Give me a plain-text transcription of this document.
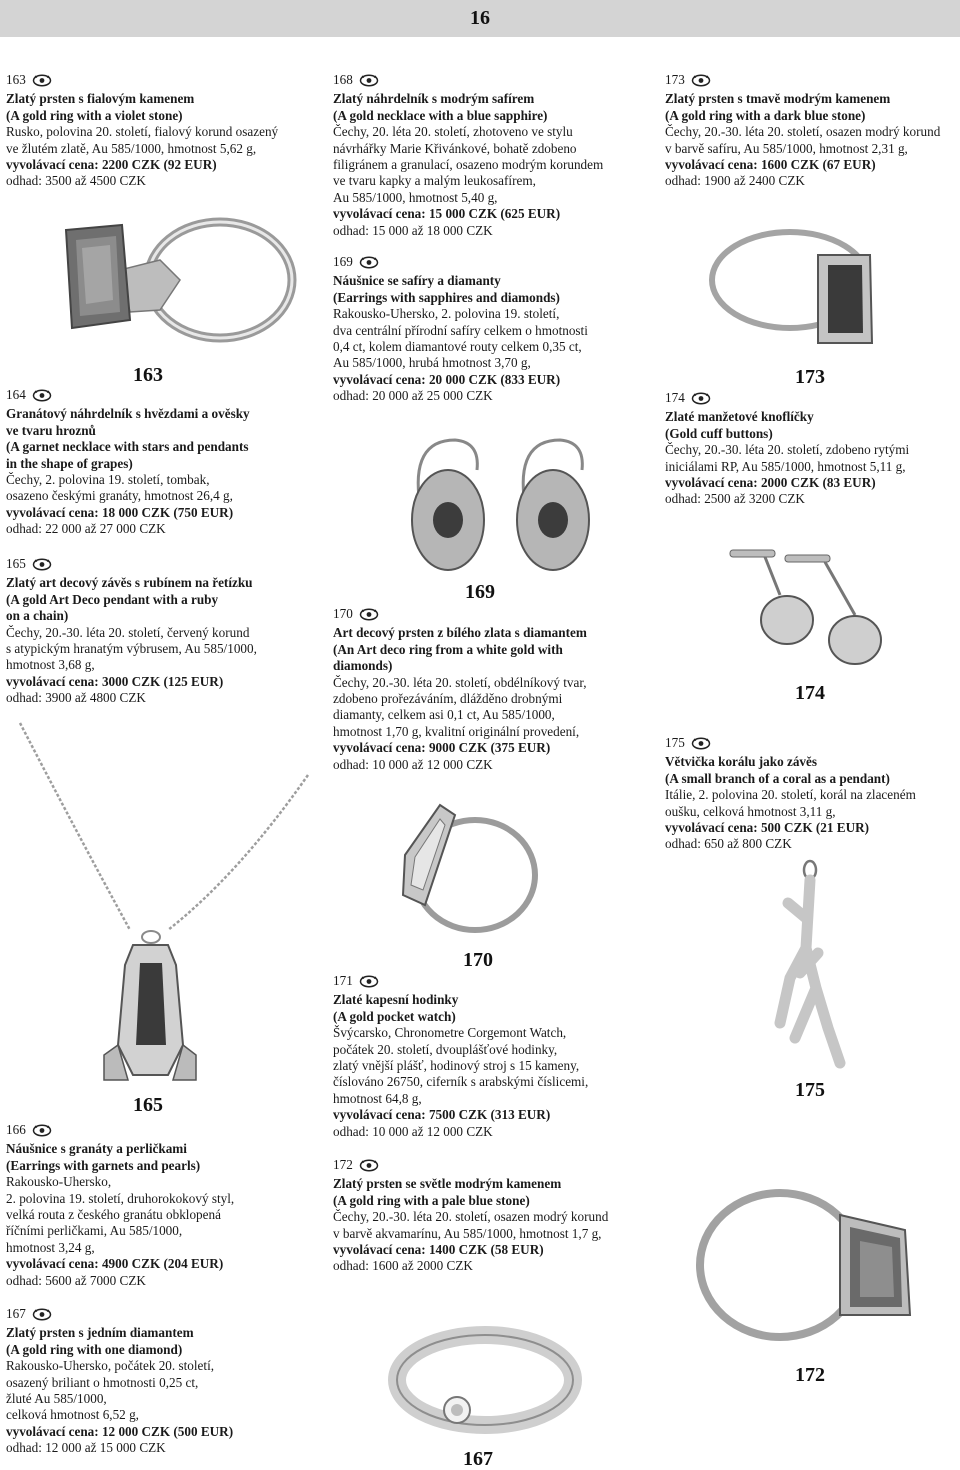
16
163
Zlatý prsten s fialovým kamenem
(A gold ring with a violet stone)
Rusko, polovina 20. století, fialový korund osazený
ve žlutém zlatě, Au 585/1000, hmotnost 5,62 g,
vyvolávací cena: 2200 CZK (92 EUR)
odhad: 3500 až 4500 CZK
164
Granátový náhrdelník s hvězdami a ověsky
ve tvaru hroznů
(A garnet necklace with stars and pendants
in the shape of grapes)
Čechy, 2. polovina 19. století, tombak,
osazeno českými granáty, hmotnost 26,4 g,
vyvolávací cena: 18 000 CZK (750 EUR)
odhad: 22 000 až 27 000 CZK
165
Zlatý art decový závěs s rubínem na řetízku
(A gold Art Deco pendant with a ruby
on a chain)
Čechy, 20.-30. léta 20. století, červený korund
s atypickým hranatým výbrusem, Au 585/1000,
hmotnost 3,68 g,
vyvolávací cena: 3000 CZK (125 EUR)
odhad: 3900 až 4800 CZK
166
Náušnice s granáty a perličkami
(Earrings with garnets and pearls)
Rakousko-Uhersko,
2. polovina 19. století, druhorokokový styl,
velká routa z českého granátu obklopená
říčními perličkami, Au 585/1000,
hmotnost 3,24 g,
vyvolávací cena: 4900 CZK (204 EUR)
odhad: 5600 až 7000 CZK
167
Zlatý prsten s jedním diamantem
(A gold ring with one diamond)
Rakousko-Uhersko, počátek 20. století,
osazený briliant o hmotnosti 0,25 ct,
žluté Au 585/1000,
celková hmotnost 6,52 g,
vyvolávací cena: 12 000 CZK (500 EUR)
odhad: 12 000 až 15 000 CZK
168
Zlatý náhrdelník s modrým safírem
(A gold necklace with a blue sapphire)
Čechy, 20. léta 20. století, zhotoveno ve stylu
návrhářky Marie Křivánkové, bohatě zdobeno
filigránem a granulací, osazeno modrým korundem
ve tvaru kapky a malým leukosafírem,
Au 585/1000, hmotnost 5,40 g,
vyvolávací cena: 15 000 CZK (625 EUR)
odhad: 15 000 až 18 000 CZK
169
Náušnice se safíry a diamanty
(Earrings with sapphires and diamonds)
Rakousko-Uhersko, 2. polovina 19. století,
dva centrální přírodní safíry celkem o hmotnosti
0,4 ct, kolem diamantové routy celkem 0,35 ct,
Au 585/1000, hrubá hmotnost 3,70 g,
vyvolávací cena: 20 000 CZK (833 EUR)
odhad: 20 000 až 25 000 CZK
170
Art decový prsten z bílého zlata s diamantem
(An Art deco ring from a white gold with
diamonds)
Čechy, 20.-30. léta 20. století, obdélníkový tvar,
zdobeno prořezáváním, dlážděno drobnými
diamanty, celkem asi 0,1 ct, Au 585/1000,
hmotnost 1,70 g, kvalitní originální provedení,
vyvolávací cena: 9000 CZK (375 EUR)
odhad: 10 000 až 12 000 CZK
171
Zlaté kapesní hodinky
(A gold pocket watch)
Švýcarsko, Chronometre Corgemont Watch,
počátek 20. století, dvouplášťové hodinky,
zlatý vnější plášť, hodinový stroj s 15 kameny,
číslováno 26750, ciferník s arabskými číslicemi,
hmotnost 64,8 g,
vyvolávací cena: 7500 CZK (313 EUR)
odhad: 10 000 až 12 000 CZK
172
Zlatý prsten se světle modrým kamenem
(A gold ring with a pale blue stone)
Čechy, 20.-30. léta 20. století, osazen modrý korund
v barvě akvamarínu, Au 585/1000, hmotnost 1,7 g,
vyvolávací cena: 1400 CZK (58 EUR)
odhad: 1600 až 2000 CZK
173
Zlatý prsten s tmavě modrým kamenem
(A gold ring with a dark blue stone)
Čechy, 20.-30. léta 20. století, osazen modrý korund
v barvě safíru, Au 585/1000, hmotnost 2,31 g,
vyvolávací cena: 1600 CZK (67 EUR)
odhad: 1900 až 2400 CZK
174
Zlaté manžetové knoflíčky
(Gold cuff buttons)
Čechy, 20.-30. léta 20. století, zdobeno rytými
iniciálami RP, Au 585/1000, hmotnost 5,11 g,
vyvolávací cena: 2000 CZK (83 EUR)
odhad: 2500 až 3200 CZK
175
Větvička korálu jako závěs
(A small branch of a coral as a pendant)
Itálie, 2. polovina 20. století, korál na zlaceném
oušku, celková hmotnost 3,11 g,
vyvolávací cena: 500 CZK (21 EUR)
odhad: 650 až 800 CZK
163
165
167
169
170
172
173
174
175
